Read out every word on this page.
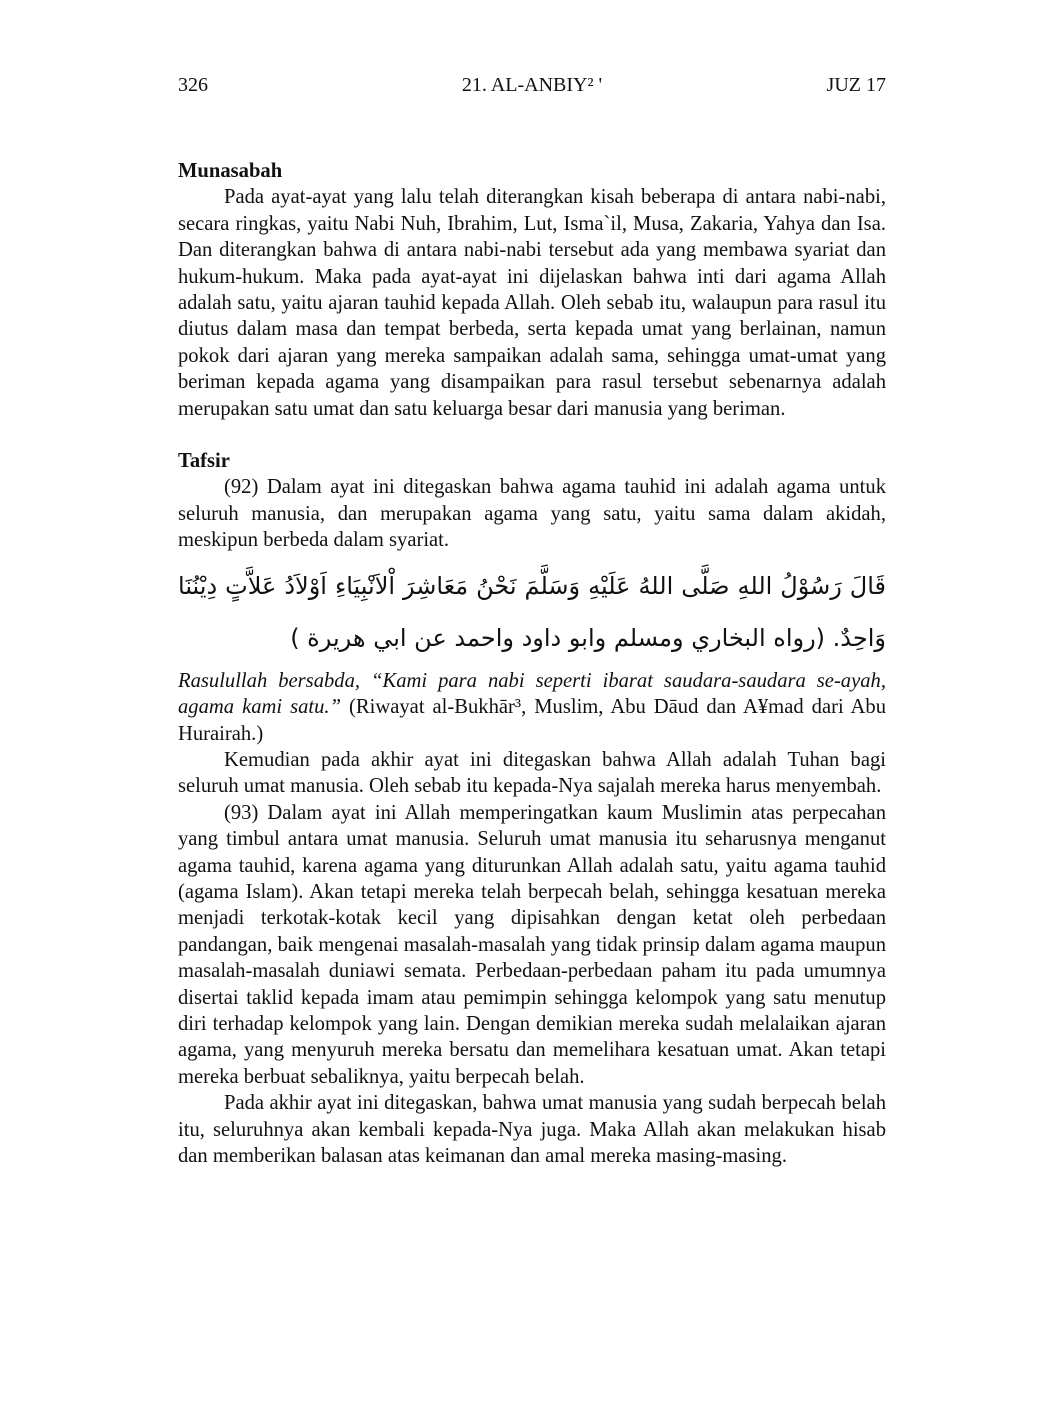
326	21. AL-ANBIY² '	JUZ 17
Munasabah

Pada ayat-ayat yang lalu telah diterangkan kisah beberapa di antara nabi-nabi, secara ringkas, yaitu Nabi Nuh, Ibrahim, Lut, Isma`il, Musa, Zakaria, Yahya dan Isa. Dan diterangkan bahwa di antara nabi-nabi tersebut ada yang membawa syariat dan hukum-hukum. Maka pada ayat-ayat ini dijelaskan bahwa inti dari agama Allah adalah satu, yaitu ajaran tauhid kepada Allah. Oleh sebab itu, walaupun para rasul itu diutus dalam masa dan tempat berbeda, serta kepada umat yang berlainan, namun pokok dari ajaran yang mereka sampaikan adalah sama, sehingga umat-umat yang beriman kepada agama yang disampaikan para rasul tersebut sebenarnya adalah merupakan satu umat dan satu keluarga besar dari manusia yang beriman.

Tafsir

(92) Dalam ayat ini ditegaskan bahwa agama tauhid ini adalah agama untuk seluruh manusia, dan merupakan agama yang satu, yaitu sama dalam akidah, meskipun berbeda dalam syariat.

قَالَ رَسُوْلُ اللهِ صَلَّى اللهُ عَلَيْهِ وَسَلَّمَ نَحْنُ مَعَاشِرَ اْلاَنْبِيَاءِ اَوْلاَدُ عَلاَّتٍ دِيْنُنَا وَاحِدٌ. (رواه البخاري ومسلم وابو داود واحمد عن ابي هريرة )

Rasulullah bersabda, “Kami para nabi seperti ibarat saudara-saudara se-ayah, agama kami satu.” (Riwayat al-Bukhār³, Muslim, Abu Dāud dan A¥mad dari Abu Hurairah.)

Kemudian pada akhir ayat ini ditegaskan bahwa Allah adalah Tuhan bagi seluruh umat manusia. Oleh sebab itu kepada-Nya sajalah mereka harus menyembah.

(93) Dalam ayat ini Allah memperingatkan kaum Muslimin atas perpecahan yang timbul antara umat manusia. Seluruh umat manusia itu seharusnya menganut agama tauhid, karena agama yang diturunkan Allah adalah satu, yaitu agama tauhid (agama Islam). Akan tetapi mereka telah berpecah belah, sehingga kesatuan mereka menjadi terkotak-kotak kecil yang dipisahkan dengan ketat oleh perbedaan pandangan, baik mengenai masalah-masalah yang tidak prinsip dalam agama maupun masalah-masalah duniawi semata. Perbedaan-perbedaan paham itu pada umumnya disertai taklid kepada imam atau pemimpin sehingga kelompok yang satu menutup diri terhadap kelompok yang lain. Dengan demikian mereka sudah melalaikan ajaran agama, yang menyuruh mereka bersatu dan memelihara kesatuan umat. Akan tetapi mereka berbuat sebaliknya, yaitu berpecah belah.

Pada akhir ayat ini ditegaskan, bahwa umat manusia yang sudah berpecah belah itu, seluruhnya akan kembali kepada-Nya juga. Maka Allah akan melakukan hisab dan memberikan balasan atas keimanan dan amal mereka masing-masing.
